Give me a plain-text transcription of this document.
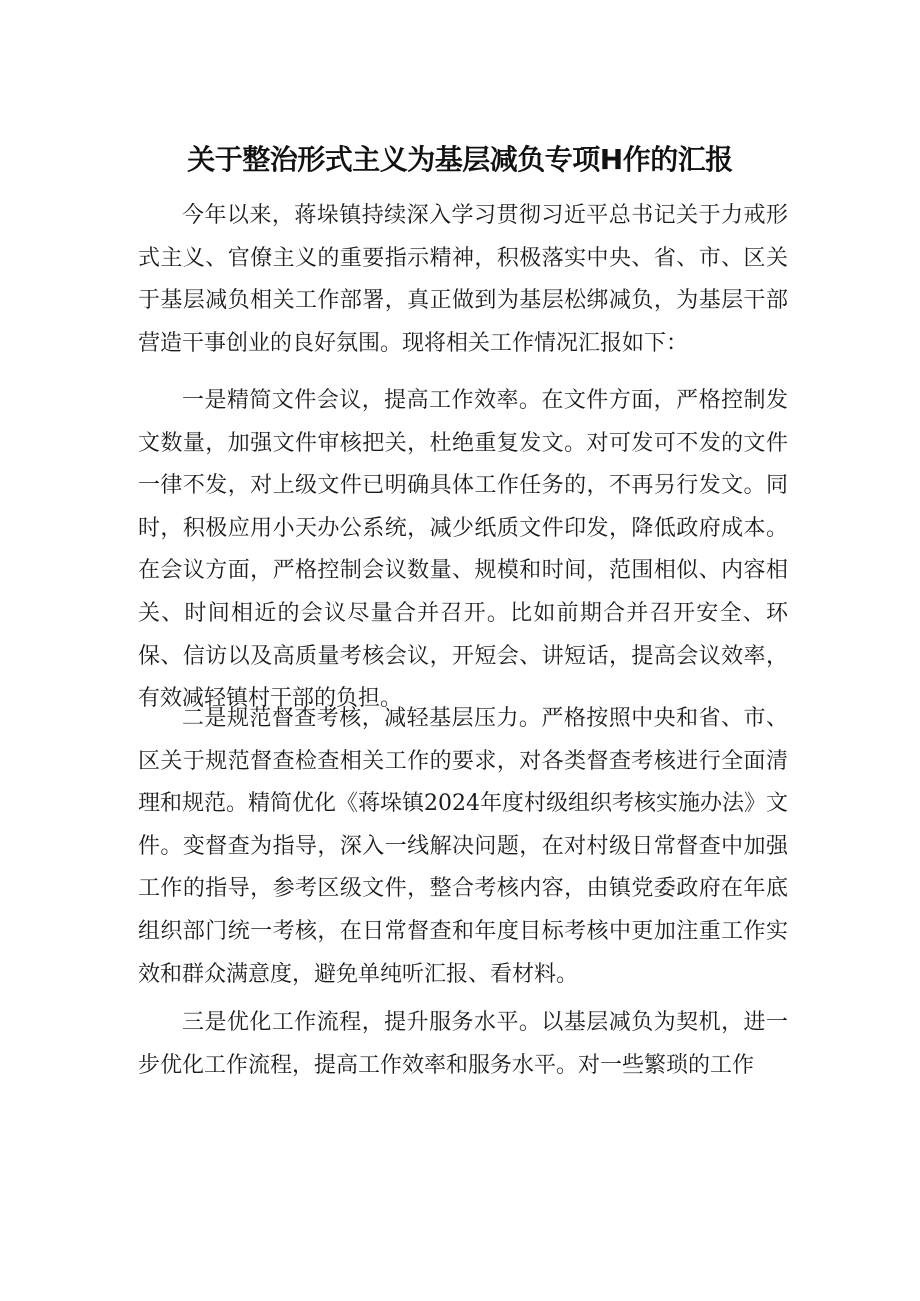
关于整治形式主义为基层减负专项H作的汇报

今年以来，蒋垛镇持续深入学习贯彻习近平总书记关于力戒形式主义、官僚主义的重要指示精神，积极落实中央、省、市、区关于基层减负相关工作部署，真正做到为基层松绑减负，为基层干部营造干事创业的良好氛围。现将相关工作情况汇报如下：

一是精简文件会议，提高工作效率。在文件方面，严格控制发文数量，加强文件审核把关，杜绝重复发文。对可发可不发的文件一律不发，对上级文件已明确具体工作任务的，不再另行发文。同时，积极应用小天办公系统，减少纸质文件印发，降低政府成本。在会议方面，严格控制会议数量、规模和时间，范围相似、内容相关、时间相近的会议尽量合并召开。比如前期合并召开安全、环保、信访以及高质量考核会议，开短会、讲短话，提高会议效率，有效减轻镇村干部的负担。

二是规范督查考核，减轻基层压力。严格按照中央和省、市、区关于规范督查检查相关工作的要求，对各类督查考核进行全面清理和规范。精简优化《蒋垛镇2024年度村级组织考核实施办法》文件。变督查为指导，深入一线解决问题，在对村级日常督查中加强工作的指导，参考区级文件，整合考核内容，由镇党委政府在年底组织部门统一考核，在日常督查和年度目标考核中更加注重工作实效和群众满意度，避免单纯听汇报、看材料。

三是优化工作流程，提升服务水平。以基层减负为契机，进一步优化工作流程，提高工作效率和服务水平。对一些繁琐的工作
